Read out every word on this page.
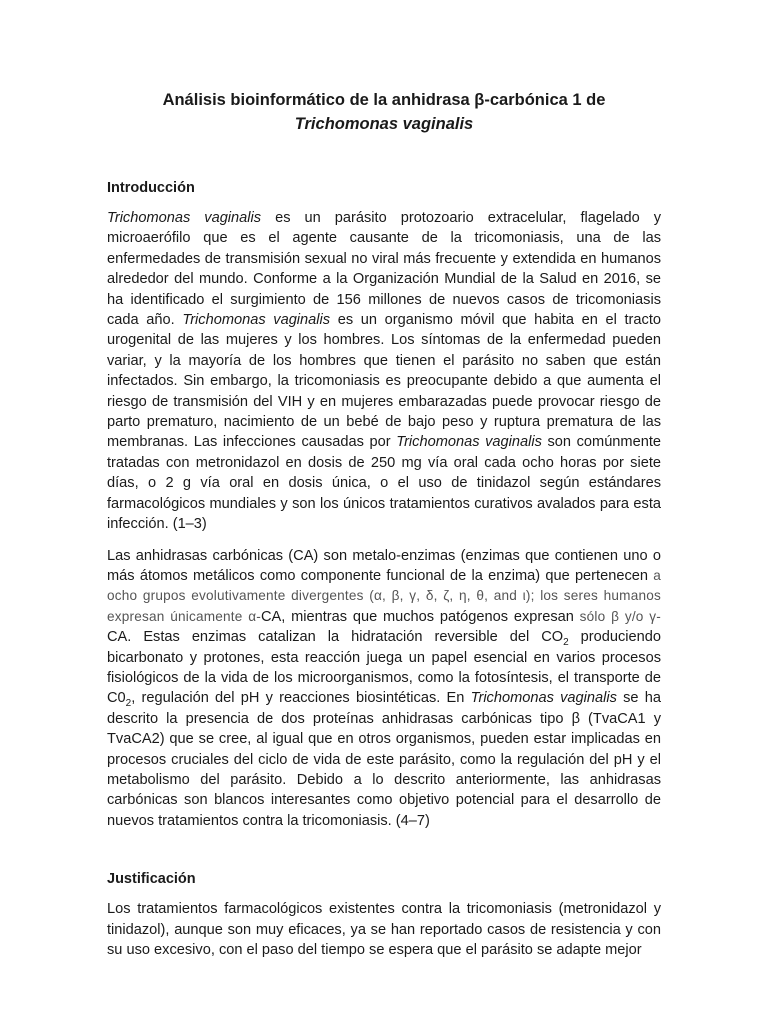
Análisis bioinformático de la anhidrasa β-carbónica 1 de
Trichomonas vaginalis
Introducción

Trichomonas vaginalis es un parásito protozoario extracelular, flagelado y microaerófilo que es el agente causante de la tricomoniasis, una de las enfermedades de transmisión sexual no viral más frecuente y extendida en humanos alrededor del mundo. Conforme a la Organización Mundial de la Salud en 2016, se ha identificado el surgimiento de 156 millones de nuevos casos de tricomoniasis cada año. Trichomonas vaginalis es un organismo móvil que habita en el tracto urogenital de las mujeres y los hombres. Los síntomas de la enfermedad pueden variar, y la mayoría de los hombres que tienen el parásito no saben que están infectados. Sin embargo, la tricomoniasis es preocupante debido a que aumenta el riesgo de transmisión del VIH y en mujeres embarazadas puede provocar riesgo de parto prematuro, nacimiento de un bebé de bajo peso y ruptura prematura de las membranas. Las infecciones causadas por Trichomonas vaginalis son comúnmente tratadas con metronidazol en dosis de 250 mg vía oral cada ocho horas por siete días, o 2 g vía oral en dosis única, o el uso de tinidazol según estándares farmacológicos mundiales y son los únicos tratamientos curativos avalados para esta infección. (1–3)

Las anhidrasas carbónicas (CA) son metalo-enzimas (enzimas que contienen uno o más átomos metálicos como componente funcional de la enzima) que pertenecen a ocho grupos evolutivamente divergentes (α, β, γ, δ, ζ, η, θ, and ι); los seres humanos expresan únicamente α-CA, mientras que muchos patógenos expresan sólo β y/o γ-CA. Estas enzimas catalizan la hidratación reversible del $CO_2$ produciendo bicarbonato y protones, esta reacción juega un papel esencial en varios procesos fisiológicos de la vida de los microorganismos, como la fotosíntesis, el transporte de $C0_2$, regulación del pH y reacciones biosintéticas. En Trichomonas vaginalis se ha descrito la presencia de dos proteínas anhidrasas carbónicas tipo β (TvaCA1 y TvaCA2) que se cree, al igual que en otros organismos, pueden estar implicadas en procesos cruciales del ciclo de vida de este parásito, como la regulación del pH y el metabolismo del parásito. Debido a lo descrito anteriormente, las anhidrasas carbónicas son blancos interesantes como objetivo potencial para el desarrollo de nuevos tratamientos contra la tricomoniasis. (4–7)

Justificación

Los tratamientos farmacológicos existentes contra la tricomoniasis (metronidazol y tinidazol), aunque son muy eficaces, ya se han reportado casos de resistencia y con su uso excesivo, con el paso del tiempo se espera que el parásito se adapte mejor
